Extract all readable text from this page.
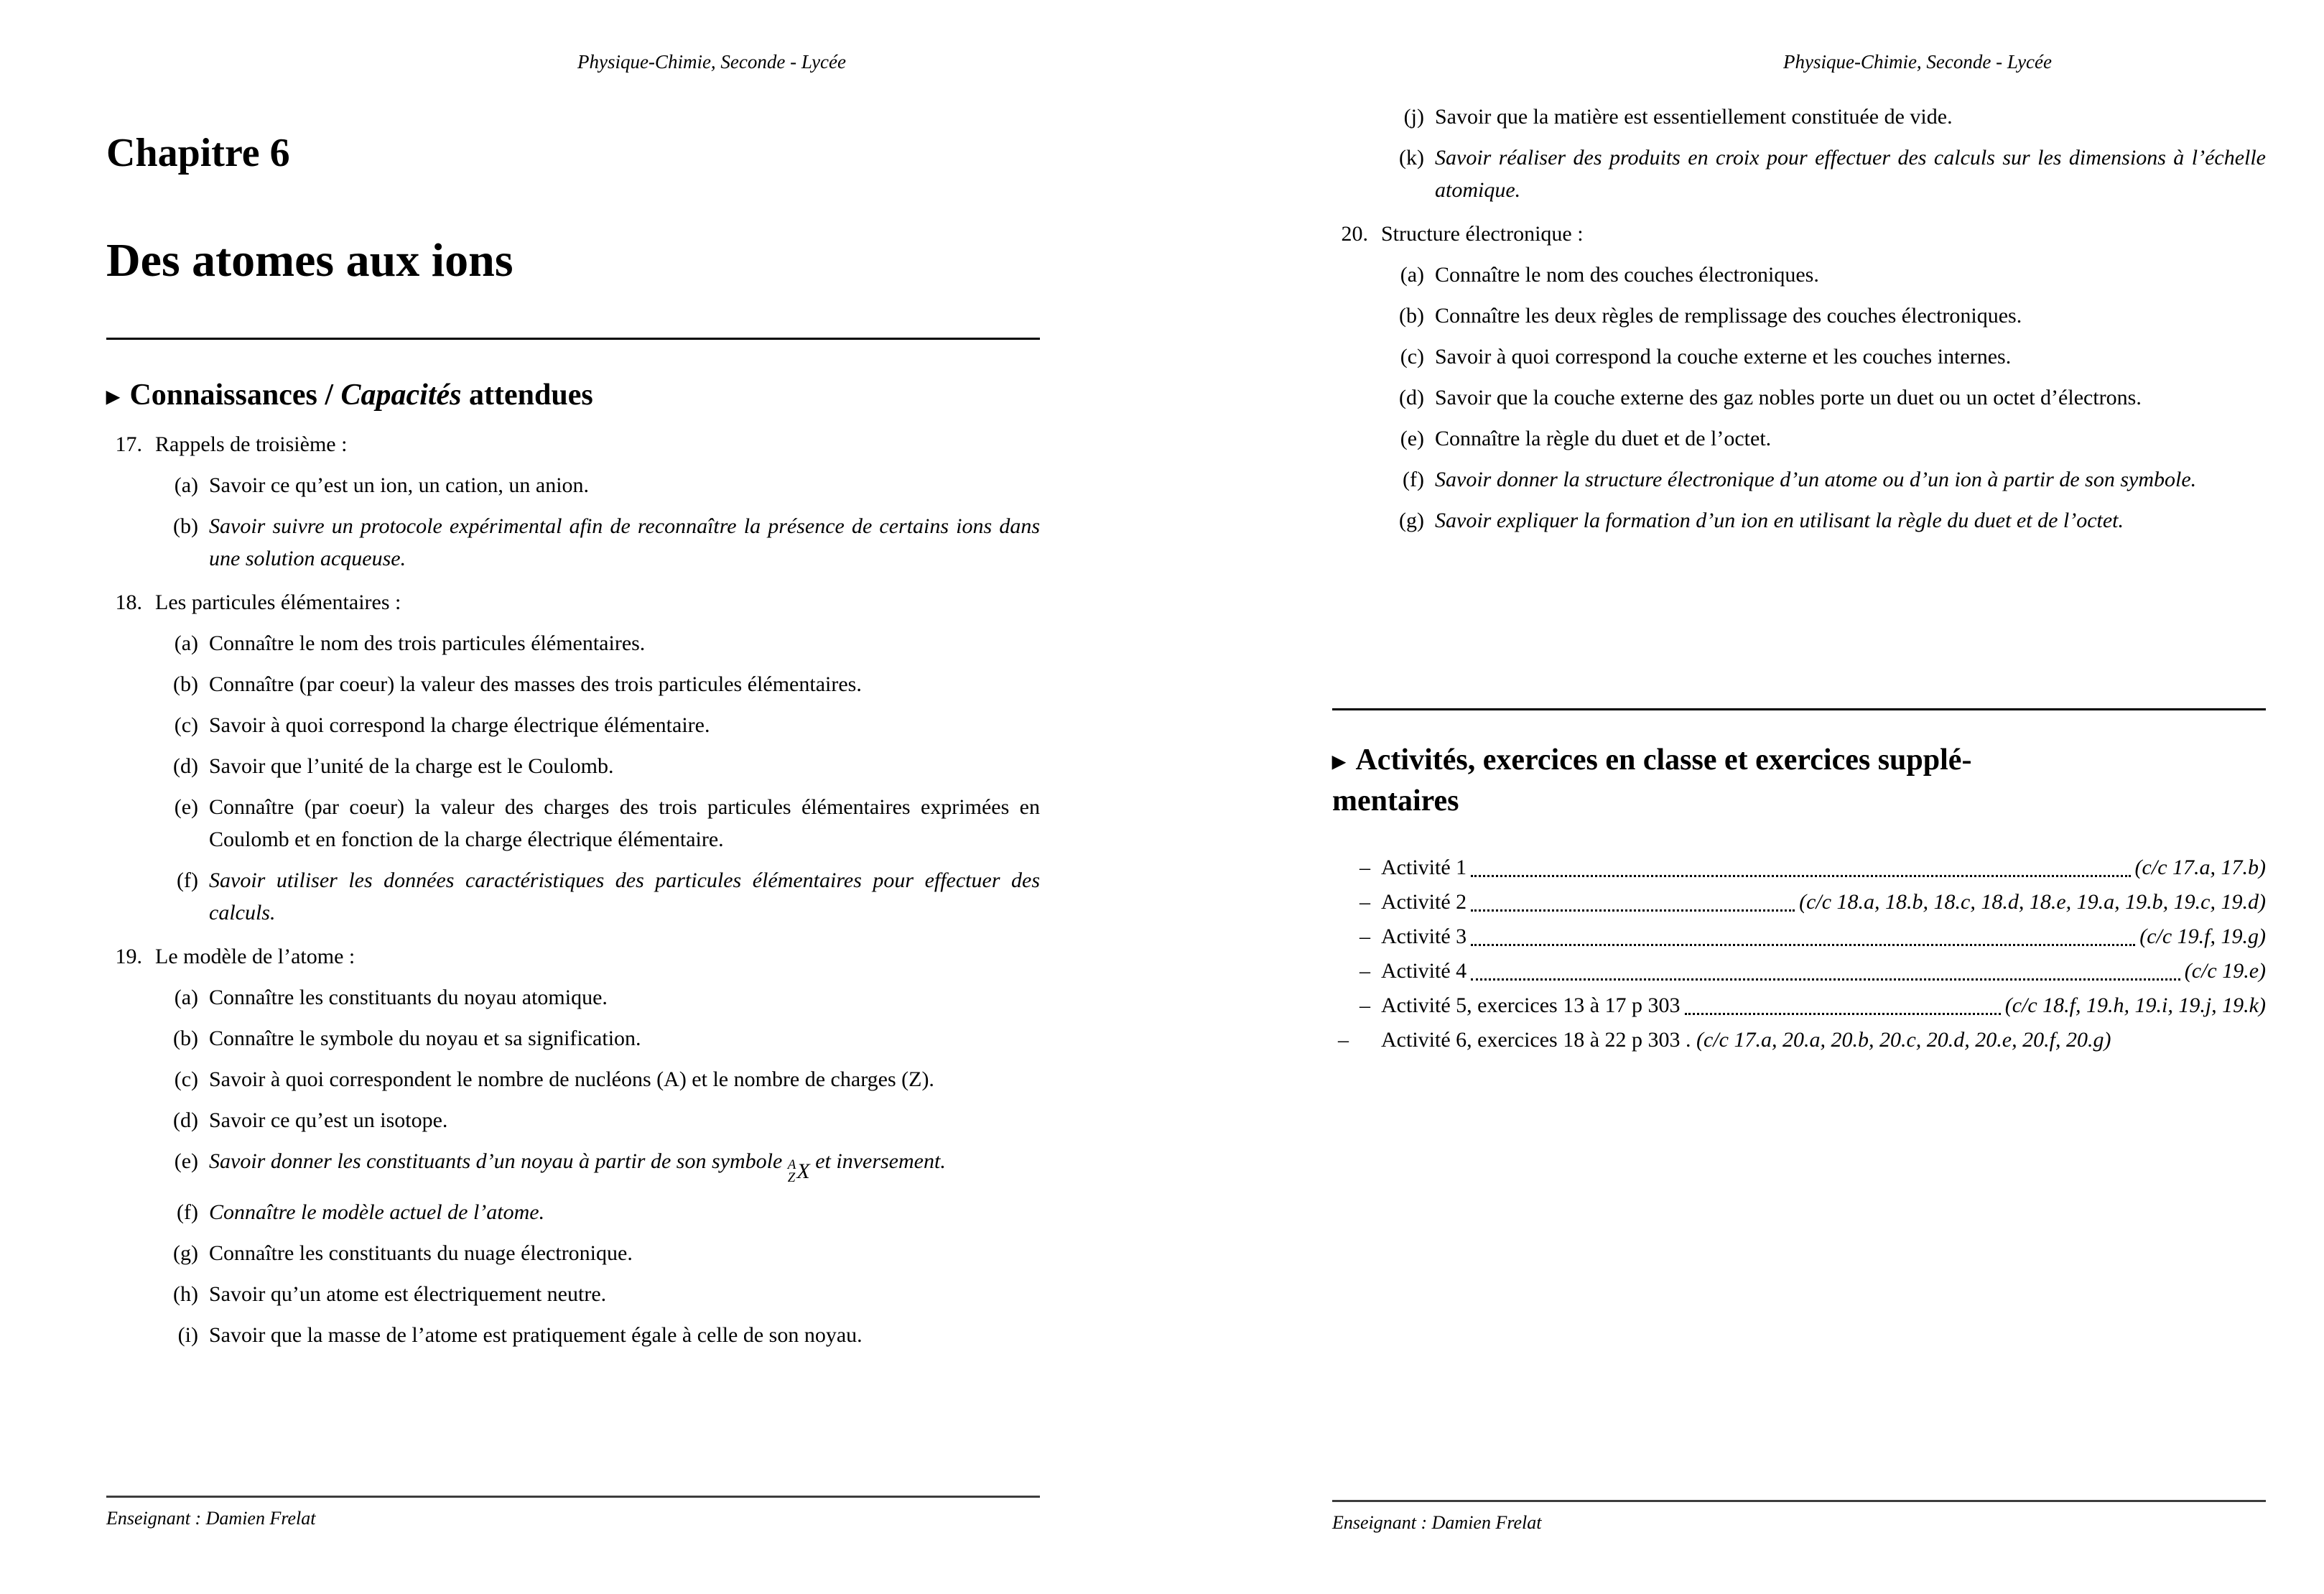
Physique-Chimie, Seconde - Lycée
Chapitre 6
Des atomes aux ions
▶ Connaissances / Capacités attendues
17. Rappels de troisième :
(a) Savoir ce qu’est un ion, un cation, un anion.
(b) Savoir suivre un protocole expérimental afin de reconnaître la présence de certains ions dans une solution acqueuse.
18. Les particules élémentaires :
(a) Connaître le nom des trois particules élémentaires.
(b) Connaître (par coeur) la valeur des masses des trois particules élémentaires.
(c) Savoir à quoi correspond la charge électrique élémentaire.
(d) Savoir que l’unité de la charge est le Coulomb.
(e) Connaître (par coeur) la valeur des charges des trois particules élémentaires exprimées en Coulomb et en fonction de la charge électrique élémentaire.
(f) Savoir utiliser les données caractéristiques des particules élémentaires pour effectuer des calculs.
19. Le modèle de l’atome :
(a) Connaître les constituants du noyau atomique.
(b) Connaître le symbole du noyau et sa signification.
(c) Savoir à quoi correspondent le nombre de nucléons (A) et le nombre de charges (Z).
(d) Savoir ce qu’est un isotope.
(e) Savoir donner les constituants d’un noyau à partir de son symbole A
Z X et inversement.
(f) Connaître le modèle actuel de l’atome.
(g) Connaître les constituants du nuage électronique.
(h) Savoir qu’un atome est électriquement neutre.
(i) Savoir que la masse de l’atome est pratiquement égale à celle de son noyau.
Enseignant : Damien Frelat
Physique-Chimie, Seconde - Lycée
(j) Savoir que la matière est essentiellement constituée de vide.
(k) Savoir réaliser des produits en croix pour effectuer des calculs sur les dimensions à l’échelle atomique.
20. Structure électronique :
(a) Connaître le nom des couches électroniques.
(b) Connaître les deux règles de remplissage des couches électroniques.
(c) Savoir à quoi correspond la couche externe et les couches internes.
(d) Savoir que la couche externe des gaz nobles porte un duet ou un octet d’électrons.
(e) Connaître la règle du duet et de l’octet.
(f) Savoir donner la structure électronique d’un atome ou d’un ion à partir de son symbole.
(g) Savoir expliquer la formation d’un ion en utilisant la règle du duet et de l’octet.
▶ Activités, exercices en classe et exercices supplé-
mentaires
– Activité 1	(c/c 17.a, 17.b)
– Activité 2	(c/c 18.a, 18.b, 18.c, 18.d, 18.e, 19.a, 19.b, 19.c, 19.d)
– Activité 3	(c/c 19.f, 19.g)
– Activité 4	(c/c 19.e)
– Activité 5, exercices 13 à 17 p 303	(c/c 18.f, 19.h, 19.i, 19.j, 19.k)
– Activité 6, exercices 18 à 22 p 303 . (c/c 17.a, 20.a, 20.b, 20.c, 20.d, 20.e, 20.f, 20.g)
Enseignant : Damien Frelat
